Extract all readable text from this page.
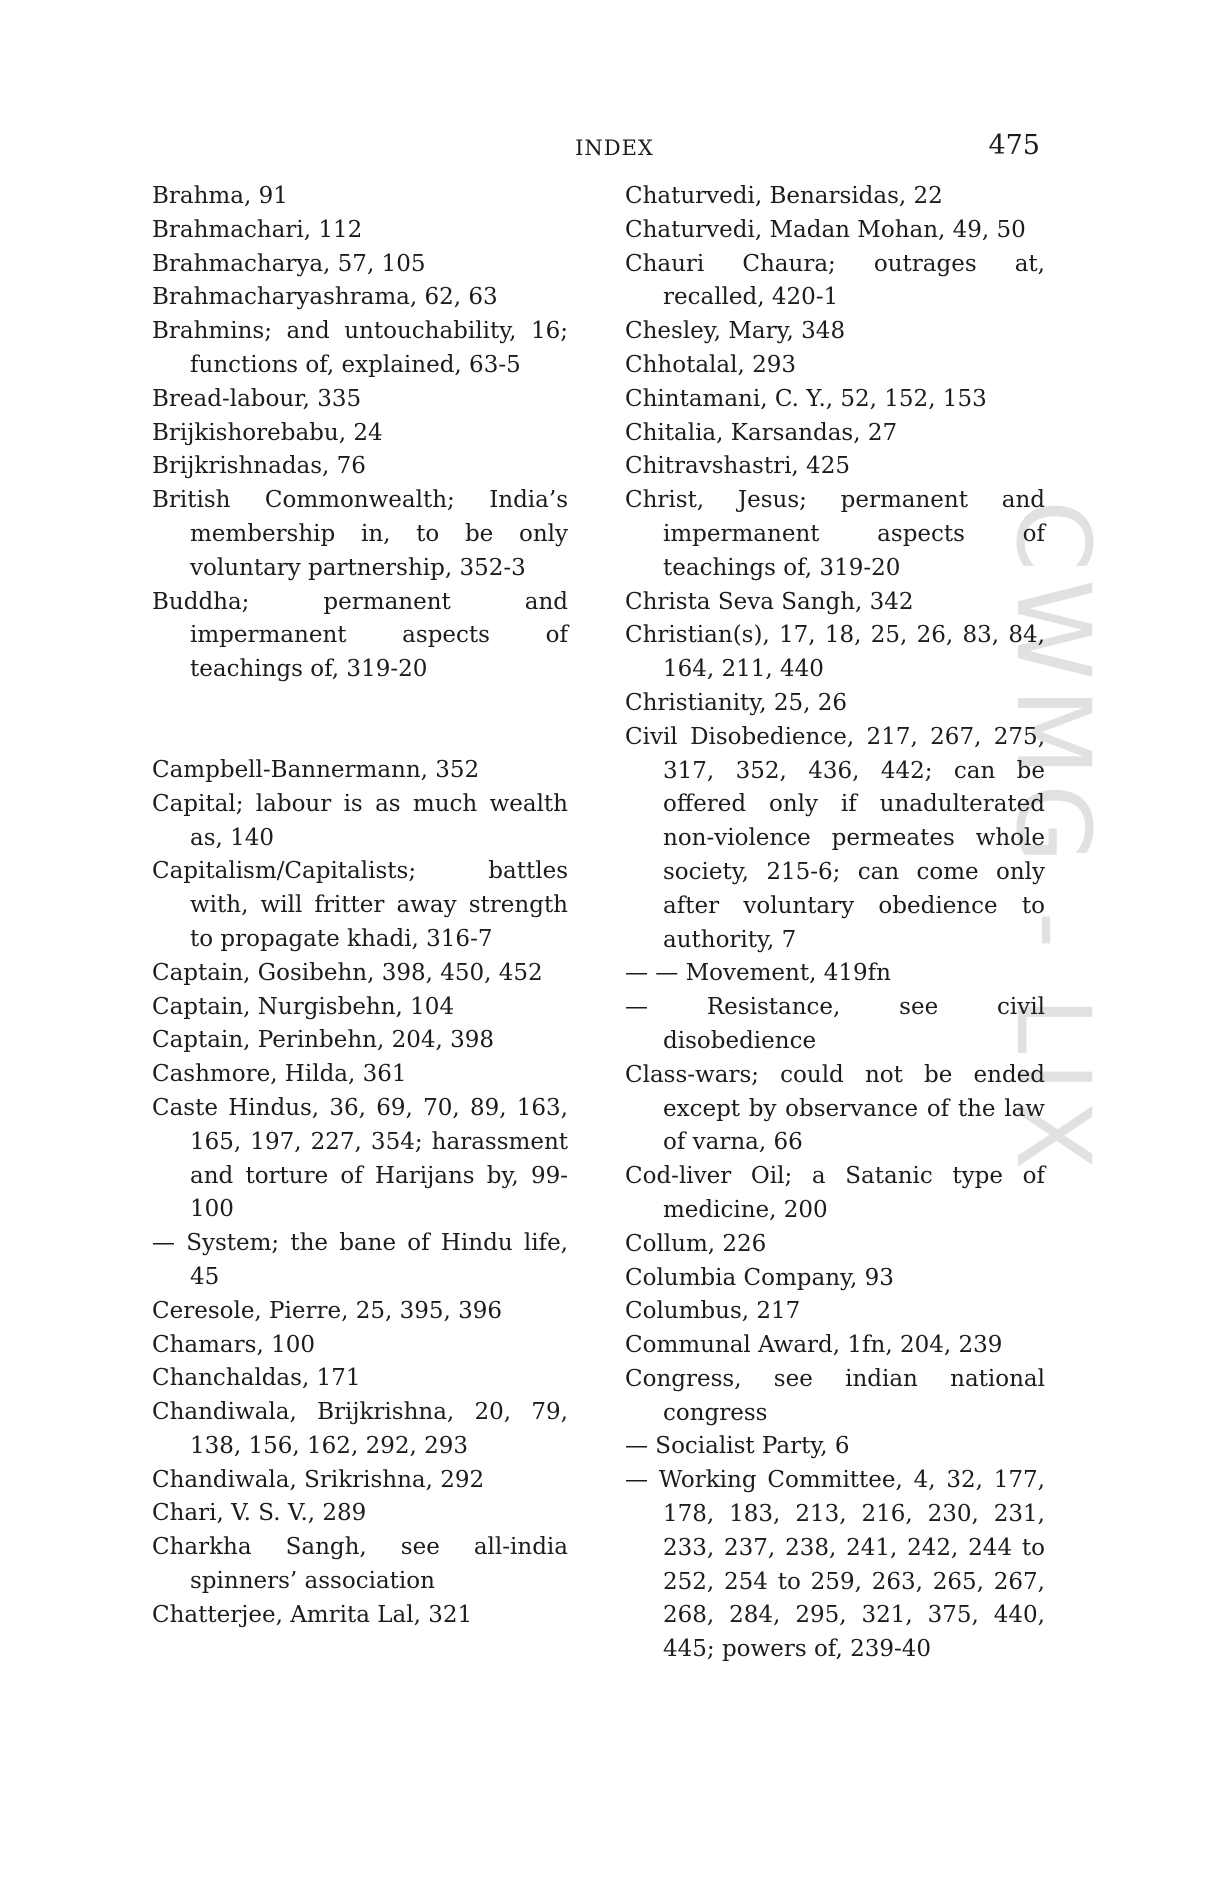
INDEX	475
CWMG - LIX
Brahma, 91
Brahmachari, 112
Brahmacharya, 57, 105
Brahmacharyashrama, 62, 63
Brahmins; and untouchability, 16; functions of, explained, 63-5
Bread-labour, 335
Brijkishorebabu, 24
Brijkrishnadas, 76
British Commonwealth; India’s membership in, to be only voluntary partnership, 352-3
Buddha; permanent and impermanent aspects of teachings of, 319-20
Campbell-Bannermann, 352
Capital; labour is as much wealth as, 140
Capitalism/Capitalists; battles with, will fritter away strength to propagate khadi, 316-7
Captain, Gosibehn, 398, 450, 452
Captain, Nurgisbehn, 104
Captain, Perinbehn, 204, 398
Cashmore, Hilda, 361
Caste Hindus, 36, 69, 70, 89, 163, 165, 197, 227, 354; harassment and torture of Harijans by, 99-100
— System; the bane of Hindu life, 45
Ceresole, Pierre, 25, 395, 396
Chamars, 100
Chanchaldas, 171
Chandiwala, Brijkrishna, 20, 79, 138, 156, 162, 292, 293
Chandiwala, Srikrishna, 292
Chari, V. S. V., 289
Charkha Sangh, see all-india spinners’ association
Chatterjee, Amrita Lal, 321
Chaturvedi, Benarsidas, 22
Chaturvedi, Madan Mohan, 49, 50
Chauri Chaura; outrages at, recalled, 420-1
Chesley, Mary, 348
Chhotalal, 293
Chintamani, C. Y., 52, 152, 153
Chitalia, Karsandas, 27
Chitravshastri, 425
Christ, Jesus; permanent and impermanent aspects of teachings of, 319-20
Christa Seva Sangh, 342
Christian(s), 17, 18, 25, 26, 83, 84, 164, 211, 440
Christianity, 25, 26
Civil Disobedience, 217, 267, 275, 317, 352, 436, 442; can be offered only if unadulterated non-violence permeates whole society, 215-6; can come only after voluntary obedience to authority, 7
— — Movement, 419fn
— Resistance, see civil disobedience
Class-wars; could not be ended except by observance of the law of varna, 66
Cod-liver Oil; a Satanic type of medicine, 200
Collum, 226
Columbia Company, 93
Columbus, 217
Communal Award, 1fn, 204, 239
Congress, see indian national congress
— Socialist Party, 6
— Working Committee, 4, 32, 177, 178, 183, 213, 216, 230, 231, 233, 237, 238, 241, 242, 244 to 252, 254 to 259, 263, 265, 267, 268, 284, 295, 321, 375, 440, 445; powers of, 239-40
